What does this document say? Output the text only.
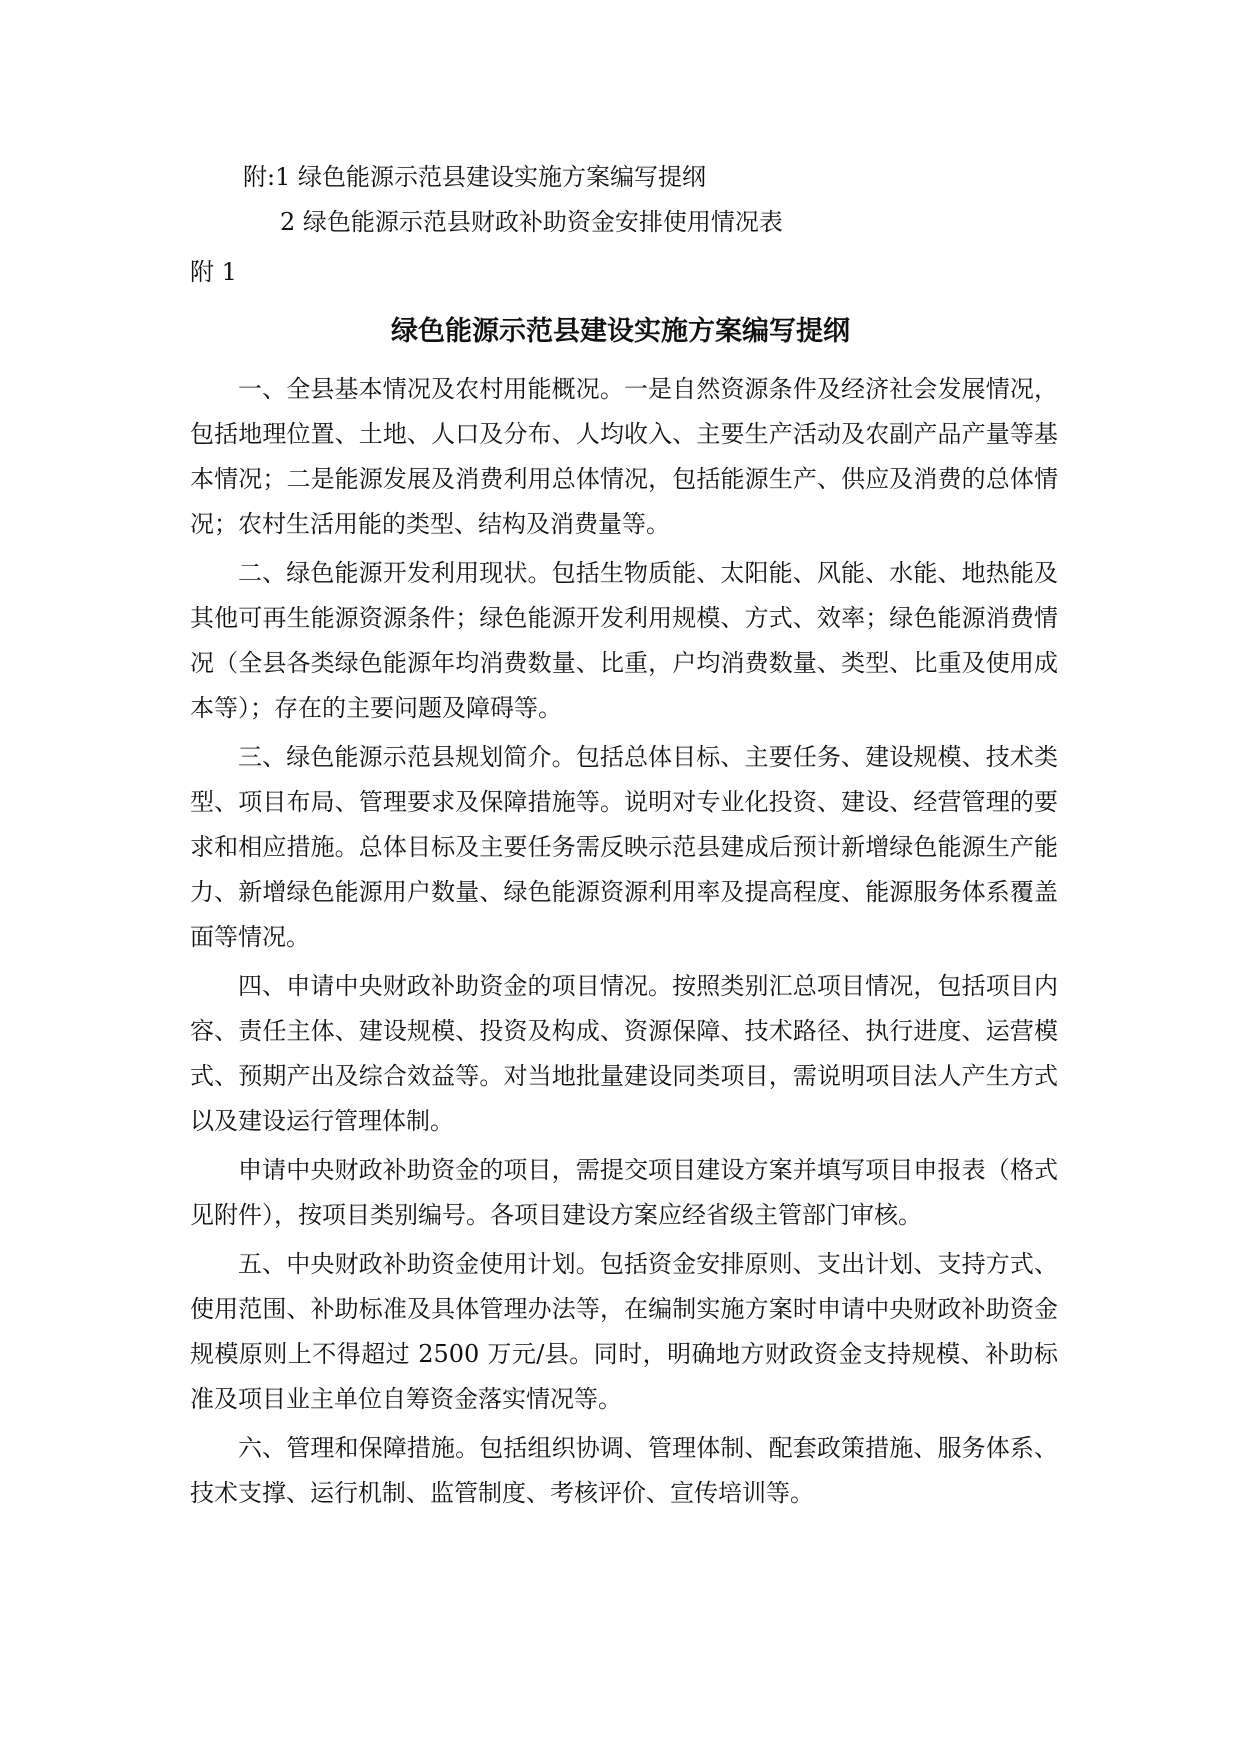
附:1 绿色能源示范县建设实施方案编写提纲
2 绿色能源示范县财政补助资金安排使用情况表
附 1
绿色能源示范县建设实施方案编写提纲

一、全县基本情况及农村用能概况。一是自然资源条件及经济社会发展情况，包括地理位置、土地、人口及分布、人均收入、主要生产活动及农副产品产量等基本情况；二是能源发展及消费利用总体情况，包括能源生产、供应及消费的总体情况；农村生活用能的类型、结构及消费量等。

二、绿色能源开发利用现状。包括生物质能、太阳能、风能、水能、地热能及其他可再生能源资源条件；绿色能源开发利用规模、方式、效率；绿色能源消费情况（全县各类绿色能源年均消费数量、比重，户均消费数量、类型、比重及使用成本等）；存在的主要问题及障碍等。

三、绿色能源示范县规划简介。包括总体目标、主要任务、建设规模、技术类型、项目布局、管理要求及保障措施等。说明对专业化投资、建设、经营管理的要求和相应措施。总体目标及主要任务需反映示范县建成后预计新增绿色能源生产能力、新增绿色能源用户数量、绿色能源资源利用率及提高程度、能源服务体系覆盖面等情况。

四、申请中央财政补助资金的项目情况。按照类别汇总项目情况，包括项目内容、责任主体、建设规模、投资及构成、资源保障、技术路径、执行进度、运营模式、预期产出及综合效益等。对当地批量建设同类项目，需说明项目法人产生方式以及建设运行管理体制。

申请中央财政补助资金的项目，需提交项目建设方案并填写项目申报表（格式见附件），按项目类别编号。各项目建设方案应经省级主管部门审核。

五、中央财政补助资金使用计划。包括资金安排原则、支出计划、支持方式、使用范围、补助标准及具体管理办法等，在编制实施方案时申请中央财政补助资金规模原则上不得超过 2500 万元/县。同时，明确地方财政资金支持规模、补助标准及项目业主单位自筹资金落实情况等。

六、管理和保障措施。包括组织协调、管理体制、配套政策措施、服务体系、技术支撑、运行机制、监管制度、考核评价、宣传培训等。
